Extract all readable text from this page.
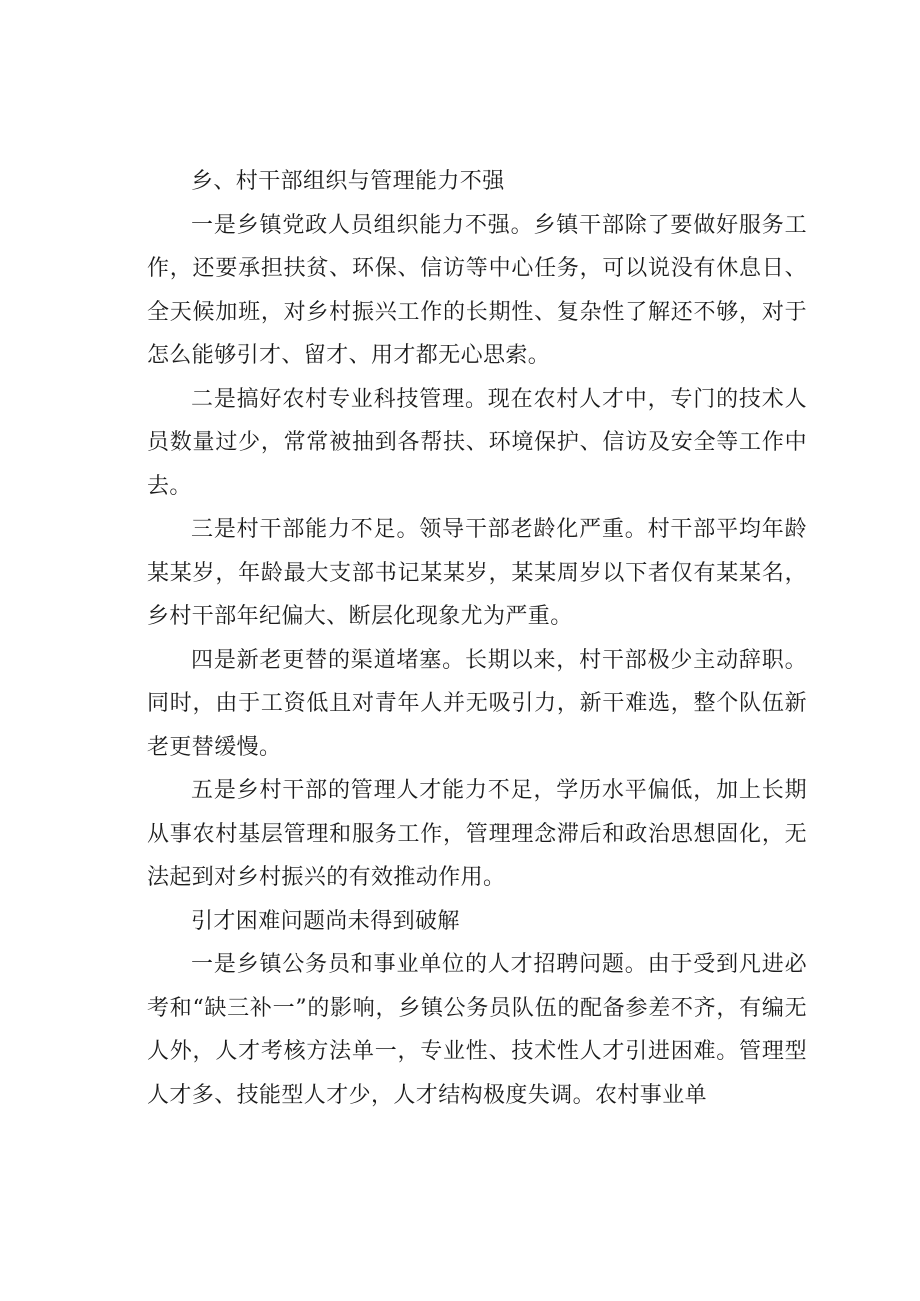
乡、村干部组织与管理能力不强

一是乡镇党政人员组织能力不强。乡镇干部除了要做好服务工作，还要承担扶贫、环保、信访等中心任务，可以说没有休息日、全天候加班，对乡村振兴工作的长期性、复杂性了解还不够，对于怎么能够引才、留才、用才都无心思索。

二是搞好农村专业科技管理。现在农村人才中，专门的技术人员数量过少，常常被抽到各帮扶、环境保护、信访及安全等工作中去。

三是村干部能力不足。领导干部老龄化严重。村干部平均年龄某某岁，年龄最大支部书记某某岁，某某周岁以下者仅有某某名，乡村干部年纪偏大、断层化现象尤为严重。

四是新老更替的渠道堵塞。长期以来，村干部极少主动辞职。同时，由于工资低且对青年人并无吸引力，新干难选，整个队伍新老更替缓慢。

五是乡村干部的管理人才能力不足，学历水平偏低，加上长期从事农村基层管理和服务工作，管理理念滞后和政治思想固化，无法起到对乡村振兴的有效推动作用。

引才困难问题尚未得到破解

一是乡镇公务员和事业单位的人才招聘问题。由于受到凡进必考和“缺三补一”的影响，乡镇公务员队伍的配备参差不齐，有编无人外，人才考核方法单一，专业性、技术性人才引进困难。管理型人才多、技能型人才少，人才结构极度失调。农村事业单
